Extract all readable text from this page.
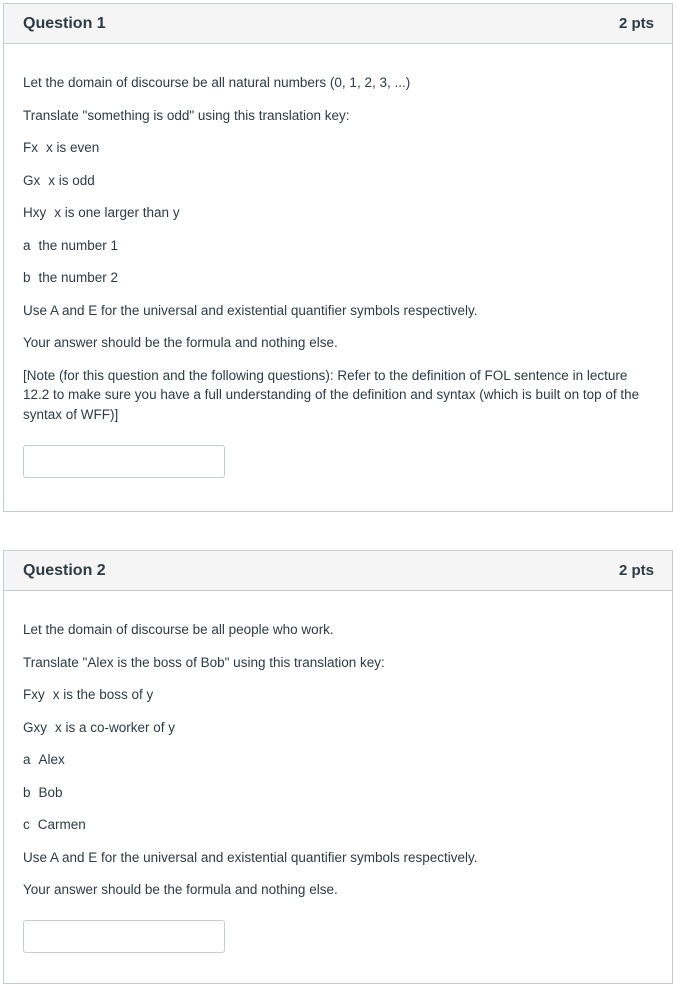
Question 1	2 pts

Let the domain of discourse be all natural numbers (0, 1, 2, 3, ...)

Translate "something is odd" using this translation key:

Fx x is even

Gx x is odd

Hxy x is one larger than y

a the number 1

b the number 2

Use A and E for the universal and existential quantifier symbols respectively.

Your answer should be the formula and nothing else.

[Note (for this question and the following questions): Refer to the definition of FOL sentence in lecture 12.2 to make sure you have a full understanding of the definition and syntax (which is built on top of the syntax of WFF)]

Question 2	2 pts

Let the domain of discourse be all people who work.

Translate "Alex is the boss of Bob" using this translation key:

Fxy x is the boss of y

Gxy x is a co-worker of y

a Alex

b Bob

c Carmen

Use A and E for the universal and existential quantifier symbols respectively.

Your answer should be the formula and nothing else.
